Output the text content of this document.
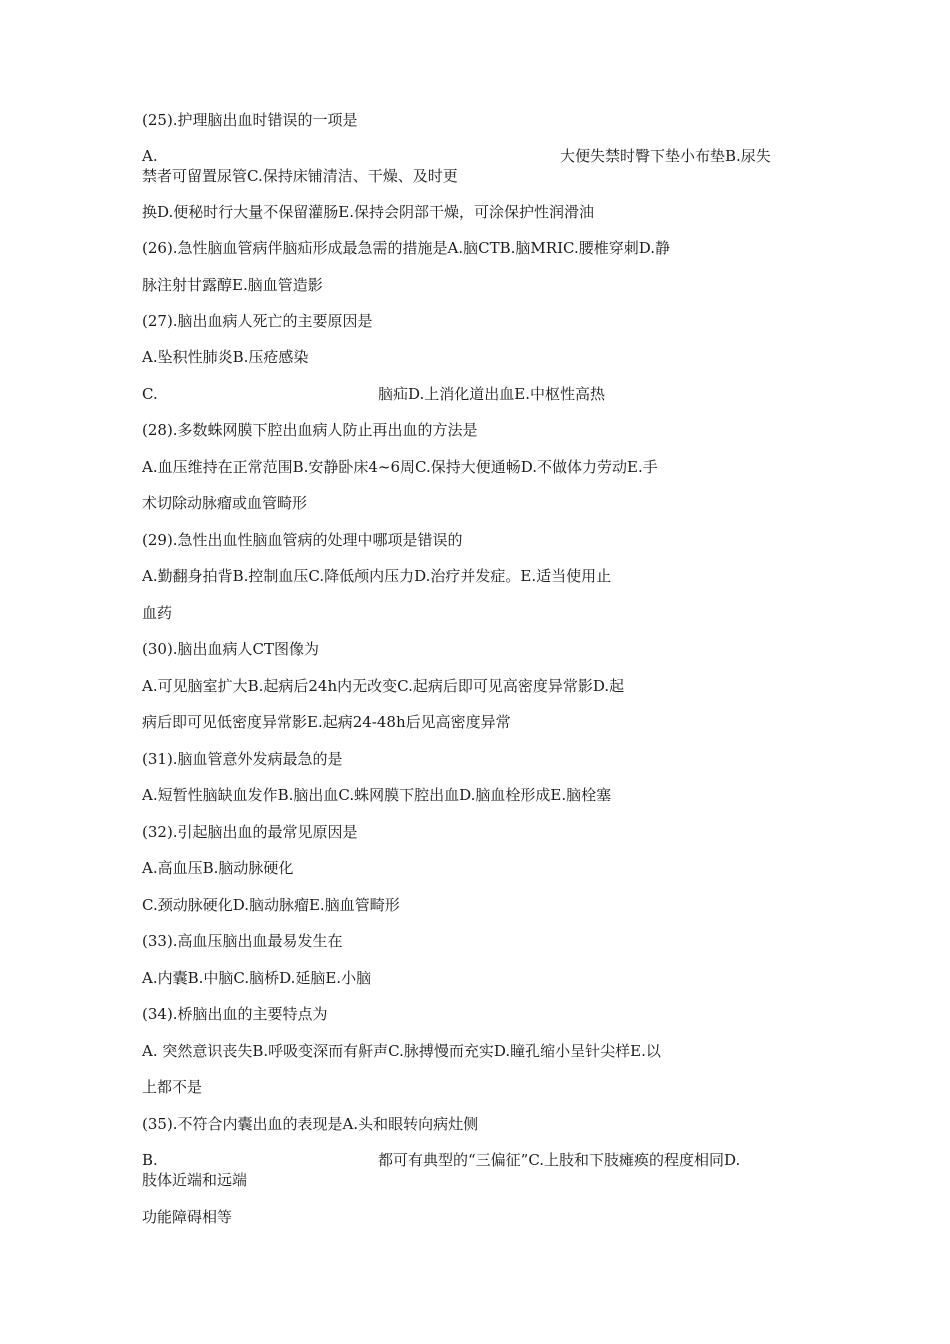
(25).护理脑出血时错误的一项是
A.	大便失禁时臀下垫小布垫B.尿失
禁者可留置尿管C.保持床铺清洁、干燥、及时更
换D.便秘时行大量不保留灌肠E.保持会阴部干燥，可涂保护性润滑油
(26).急性脑血管病伴脑疝形成最急需的措施是A.脑CTB.脑MRIC.腰椎穿刺D.静
脉注射甘露醇E.脑血管造影
(27).脑出血病人死亡的主要原因是
A.坠积性肺炎B.压疮感染
C.	脑疝D.上消化道出血E.中枢性高热
(28).多数蛛网膜下腔出血病人防止再出血的方法是
A.血压维持在正常范围B.安静卧床4~6周C.保持大便通畅D.不做体力劳动E.手
术切除动脉瘤或血管畸形
(29).急性出血性脑血管病的处理中哪项是错误的
A.勤翻身拍背B.控制血压C.降低颅内压力D.治疗并发症。E.适当使用止
血药
(30).脑出血病人CT图像为
A.可见脑室扩大B.起病后24h内无改变C.起病后即可见高密度异常影D.起
病后即可见低密度异常影E.起病24-48h后见高密度异常
(31).脑血管意外发病最急的是
A.短暂性脑缺血发作B.脑出血C.蛛网膜下腔出血D.脑血栓形成E.脑栓塞
(32).引起脑出血的最常见原因是
A.高血压B.脑动脉硬化
C.颈动脉硬化D.脑动脉瘤E.脑血管畸形
(33).高血压脑出血最易发生在
A.内囊B.中脑C.脑桥D.延脑E.小脑
(34).桥脑出血的主要特点为
A. 突然意识丧失B.呼吸变深而有鼾声C.脉搏慢而充实D.瞳孔缩小呈针尖样E.以
上都不是
(35).不符合内囊出血的表现是A.头和眼转向病灶侧
B.	都可有典型的“三偏征”C.上肢和下肢瘫痪的程度相同D.
肢体近端和远端
功能障碍相等
